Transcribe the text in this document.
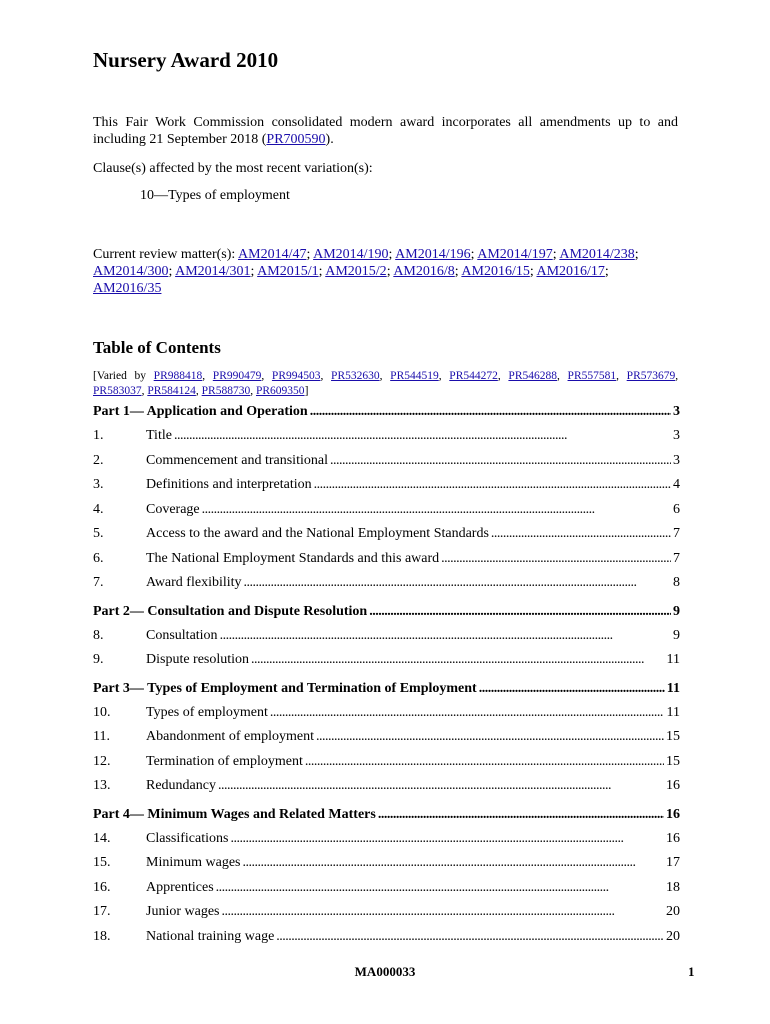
Nursery Award 2010
This Fair Work Commission consolidated modern award incorporates all amendments up to and including 21 September 2018 (PR700590).
Clause(s) affected by the most recent variation(s):
10—Types of employment
Current review matter(s): AM2014/47; AM2014/190; AM2014/196; AM2014/197; AM2014/238; AM2014/300; AM2014/301; AM2015/1; AM2015/2; AM2016/8; AM2016/15; AM2016/17; AM2016/35
Table of Contents
[Varied by PR988418, PR990479, PR994503, PR532630, PR544519, PR544272, PR546288, PR557581, PR573679, PR583037, PR584124, PR588730, PR609350]
Part 1— Application and Operation . . .	3
1.	Title . . .	3
2.	Commencement and transitional . . .	3
3.	Definitions and interpretation . . .	4
4.	Coverage . . .	6
5.	Access to the award and the National Employment Standards . . .	7
6.	The National Employment Standards and this award . . .	7
7.	Award flexibility . . .	8
Part 2— Consultation and Dispute Resolution . . .	9
8.	Consultation . . .	9
9.	Dispute resolution . . .	11
Part 3— Types of Employment and Termination of Employment . . .	11
10.	Types of employment . . .	11
11.	Abandonment of employment . . .	15
12.	Termination of employment . . .	15
13.	Redundancy . . .	16
Part 4— Minimum Wages and Related Matters . . .	16
14.	Classifications . . .	16
15.	Minimum wages . . .	17
16.	Apprentices . . .	18
17.	Junior wages . . .	20
18.	National training wage . . .	20
MA000033	1
